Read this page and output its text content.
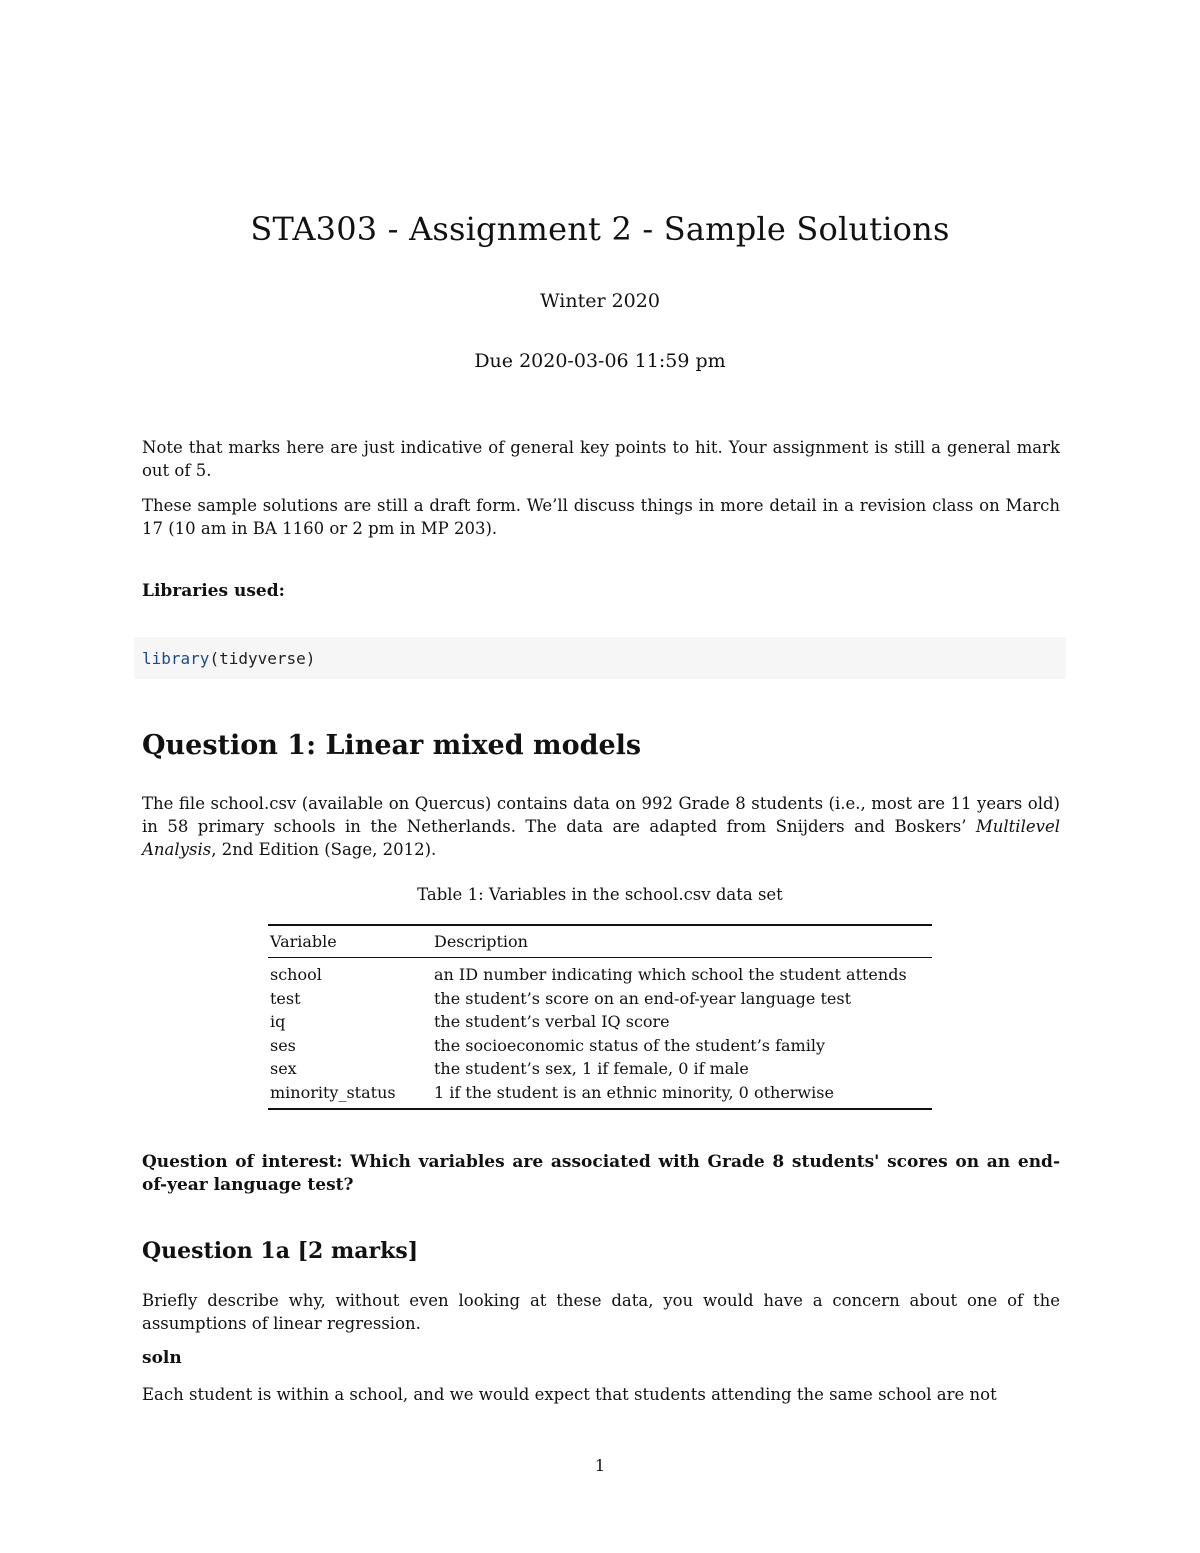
STA303 - Assignment 2 - Sample Solutions
Winter 2020
Due 2020-03-06 11:59 pm

Note that marks here are just indicative of general key points to hit. Your assignment is still a general mark out of 5.

These sample solutions are still a draft form. We’ll discuss things in more detail in a revision class on March 17 (10 am in BA 1160 or 2 pm in MP 203).

Libraries used:

library(tidyverse)
Question 1: Linear mixed models

The file school.csv (available on Quercus) contains data on 992 Grade 8 students (i.e., most are 11 years old) in 58 primary schools in the Netherlands. The data are adapted from Snijders and Boskers’ Multilevel Analysis, 2nd Edition (Sage, 2012).

Table 1: Variables in the school.csv data set
Variable	Description
school	an ID number indicating which school the student attends
test	the student’s score on an end-of-year language test
iq	the student’s verbal IQ score
ses	the socioeconomic status of the student’s family
sex	the student’s sex, 1 if female, 0 if male
minority_status	1 if the student is an ethnic minority, 0 otherwise

Question of interest: Which variables are associated with Grade 8 students' scores on an end-of-year language test?

Question 1a [2 marks]

Briefly describe why, without even looking at these data, you would have a concern about one of the assumptions of linear regression.

soln

Each student is within a school, and we would expect that students attending the same school are not

1
